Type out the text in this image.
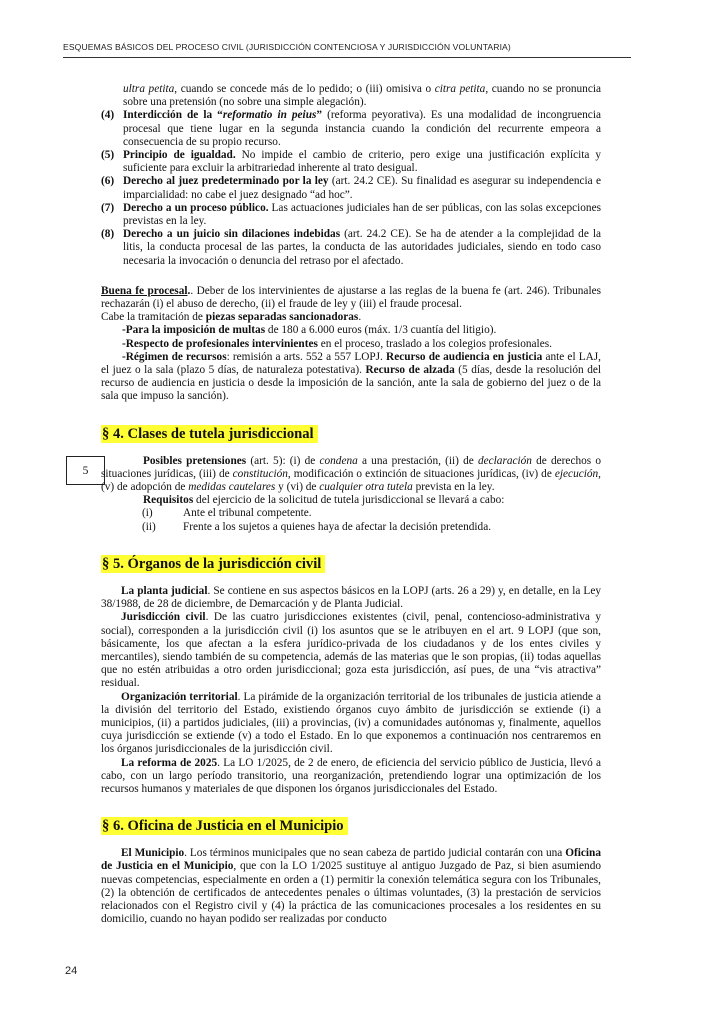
ESQUEMAS BÁSICOS DEL PROCESO CIVIL (JURISDICCIÓN CONTENCIOSA Y JURISDICCIÓN VOLUNTARIA)
5
ultra petita, cuando se concede más de lo pedido; o (iii) omisiva o citra petita, cuando no se pronuncia sobre una pretensión (no sobre una simple alegación).
(4) Interdicción de la “reformatio in peius” (reforma peyorativa). Es una modalidad de incongruencia procesal que tiene lugar en la segunda instancia cuando la condición del recurrente empeora a consecuencia de su propio recurso.
(5) Principio de igualdad. No impide el cambio de criterio, pero exige una justificación explícita y suficiente para excluir la arbitrariedad inherente al trato desigual.
(6) Derecho al juez predeterminado por la ley (art. 24.2 CE). Su finalidad es asegurar su independencia e imparcialidad: no cabe el juez designado “ad hoc”.
(7) Derecho a un proceso público. Las actuaciones judiciales han de ser públicas, con las solas excepciones previstas en la ley.
(8) Derecho a un juicio sin dilaciones indebidas (art. 24.2 CE). Se ha de atender a la complejidad de la litis, la conducta procesal de las partes, la conducta de las autoridades judiciales, siendo en todo caso necesaria la invocación o denuncia del retraso por el afectado.

Buena fe procesal.. Deber de los intervinientes de ajustarse a las reglas de la buena fe (art. 246). Tribunales rechazarán (i) el abuso de derecho, (ii) el fraude de ley y (iii) el fraude procesal.

Cabe la tramitación de piezas separadas sancionadoras.

-Para la imposición de multas de 180 a 6.000 euros (máx. 1/3 cuantía del litigio).

-Respecto de profesionales intervinientes en el proceso, traslado a los colegios profesionales.

-Régimen de recursos: remisión a arts. 552 a 557 LOPJ. Recurso de audiencia en justicia ante el LAJ, el juez o la sala (plazo 5 días, de naturaleza potestativa). Recurso de alzada (5 días, desde la resolución del recurso de audiencia en justicia o desde la imposición de la sanción, ante la sala de gobierno del juez o de la sala que impuso la sanción).

§ 4. Clases de tutela jurisdiccional

Posibles pretensiones (art. 5): (i) de condena a una prestación, (ii) de declaración de derechos o situaciones jurídicas, (iii) de constitución, modificación o extinción de situaciones jurídicas, (iv) de ejecución, (v) de adopción de medidas cautelares y (vi) de cualquier otra tutela prevista en la ley.

Requisitos del ejercicio de la solicitud de tutela jurisdiccional se llevará a cabo:

(i)	Ante el tribunal competente.
(ii) Frente a los sujetos a quienes haya de afectar la decisión pretendida.
§ 5. Órganos de la jurisdicción civil

La planta judicial. Se contiene en sus aspectos básicos en la LOPJ (arts. 26 a 29) y, en detalle, en la Ley 38/1988, de 28 de diciembre, de Demarcación y de Planta Judicial.

Jurisdicción civil. De las cuatro jurisdicciones existentes (civil, penal, contencioso-administrativa y social), corresponden a la jurisdicción civil (i) los asuntos que se le atribuyen en el art. 9 LOPJ (que son, básicamente, los que afectan a la esfera jurídico-privada de los ciudadanos y de los entes civiles y mercantiles), siendo también de su competencia, además de las materias que le son propias, (ii) todas aquellas que no estén atribuidas a otro orden jurisdiccional; goza esta jurisdicción, así pues, de una “vis atractiva” residual.

Organización territorial. La pirámide de la organización territorial de los tribunales de justicia atiende a la división del territorio del Estado, existiendo órganos cuyo ámbito de jurisdicción se extiende (i) a municipios, (ii) a partidos judiciales, (iii) a provincias, (iv) a comunidades autónomas y, finalmente, aquellos cuya jurisdicción se extiende (v) a todo el Estado. En lo que exponemos a continuación nos centraremos en los órganos jurisdiccionales de la jurisdicción civil.

La reforma de 2025. La LO 1/2025, de 2 de enero, de eficiencia del servicio público de Justicia, llevó a cabo, con un largo período transitorio, una reorganización, pretendiendo lograr una optimización de los recursos humanos y materiales de que disponen los órganos jurisdiccionales del Estado.

§ 6. Oficina de Justicia en el Municipio

El Municipio. Los términos municipales que no sean cabeza de partido judicial contarán con una Oficina de Justicia en el Municipio, que con la LO 1/2025 sustituye al antiguo Juzgado de Paz, si bien asumiendo nuevas competencias, especialmente en orden a (1) permitir la conexión telemática segura con los Tribunales, (2) la obtención de certificados de antecedentes penales o últimas voluntades, (3) la prestación de servicios relacionados con el Registro civil y (4) la práctica de las comunicaciones procesales a los residentes en su domicilio, cuando no hayan podido ser realizadas por conducto

24
